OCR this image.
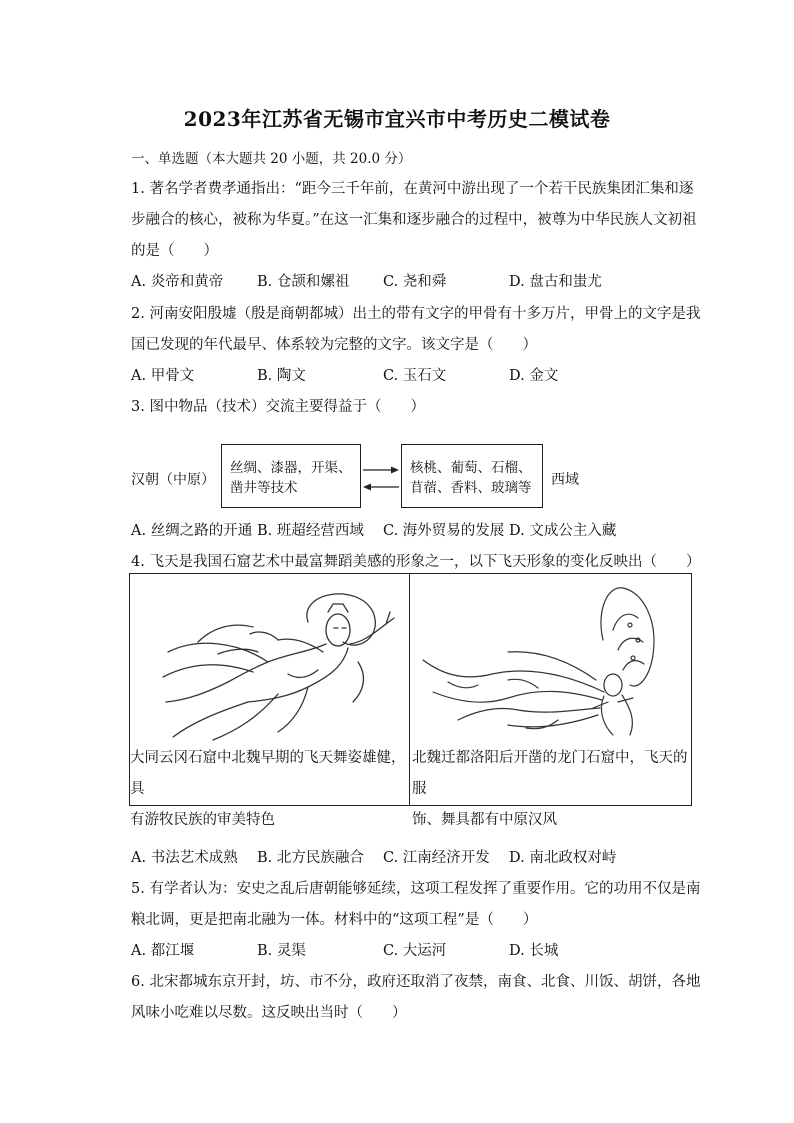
2023年江苏省无锡市宜兴市中考历史二模试卷
一、单选题（本大题共 20 小题，共 20.0 分）
1. 著名学者费孝通指出：“距今三千年前，在黄河中游出现了一个若干民族集团汇集和逐
步融合的核心，被称为华夏。”在这一汇集和逐步融合的过程中，被尊为中华民族人文初祖
的是（　　）
A. 炎帝和黄帝 B. 仓颉和嫘祖 C. 尧和舜	D. 盘古和蚩尤
2. 河南安阳殷墟（殷是商朝都城）出土的带有文字的甲骨有十多万片，甲骨上的文字是我
国已发现的年代最早、体系较为完整的文字。该文字是（　　）
A. 甲骨文	B. 陶文	C. 玉石文	D. 金文
3. 图中物品（技术）交流主要得益于（　　）
汉朝（中原）
丝绸、漆器，开渠、
凿井等技术
核桃、葡萄、石榴、
苜蓿、香料、玻璃等	西域
A. 丝绸之路的开通 B. 班超经营西域 C. 海外贸易的发展 D. 文成公主入藏
4. 飞天是我国石窟艺术中最富舞蹈美感的形象之一，以下飞天形象的变化反映出（　　）
大同云冈石窟中北魏早期的飞天舞姿雄健，具
有游牧民族的审美特色
北魏迁都洛阳后开凿的龙门石窟中，飞天的服
饰、舞具都有中原汉风
A. 书法艺术成熟 B. 北方民族融合 C. 江南经济开发 D. 南北政权对峙
5. 有学者认为：安史之乱后唐朝能够延续，这项工程发挥了重要作用。它的功用不仅是南
粮北调，更是把南北融为一体。材料中的“这项工程”是（　　）
A. 都江堰	B. 灵渠	C. 大运河	D. 长城
6. 北宋都城东京开封，坊、市不分，政府还取消了夜禁，南食、北食、川饭、胡饼，各地
风味小吃难以尽数。这反映出当时（　　）
